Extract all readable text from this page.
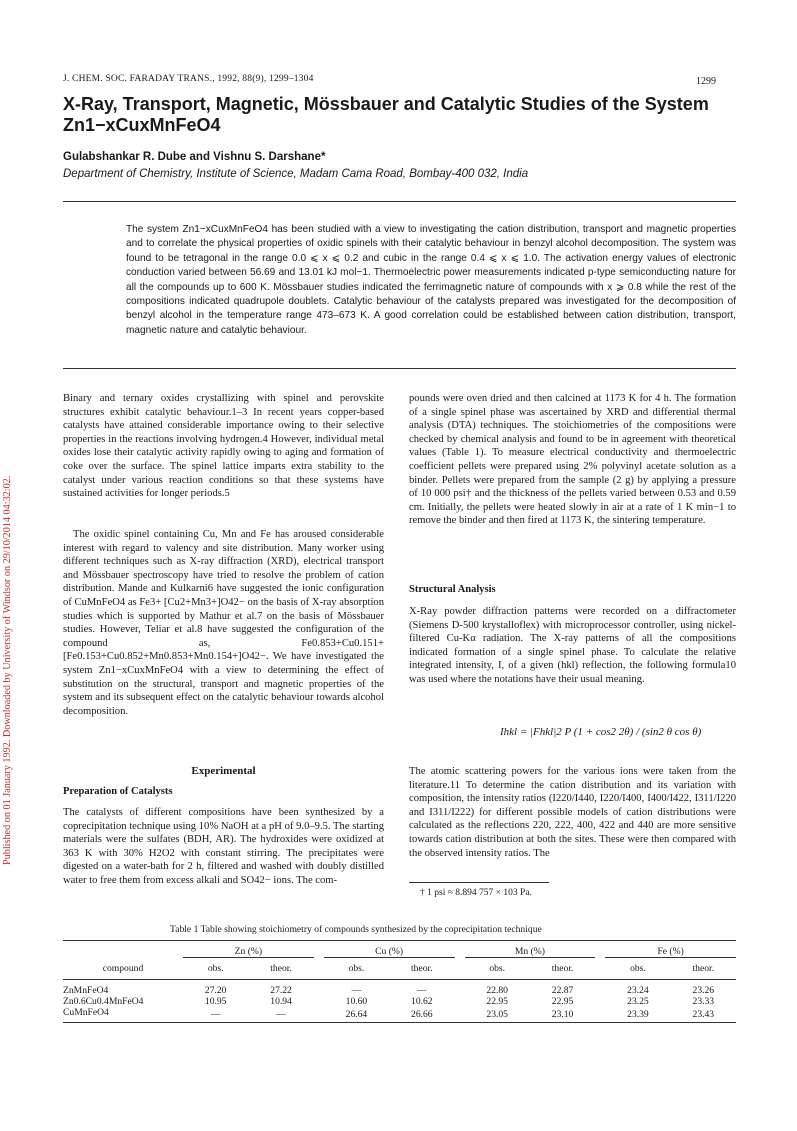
Published on 01 January 1992. Downloaded by University of Windsor on 29/10/2014 04:32:02.
J. CHEM. SOC. FARADAY TRANS., 1992, 88(9), 1299–1304	1299
X-Ray, Transport, Magnetic, Mössbauer and Catalytic Studies of the System Zn1−xCuxMnFeO4
Gulabshankar R. Dube and Vishnu S. Darshane*
Department of Chemistry, Institute of Science, Madam Cama Road, Bombay-400 032, India
The system Zn1−xCuxMnFeO4 has been studied with a view to investigating the cation distribution, transport and magnetic properties and to correlate the physical properties of oxidic spinels with their catalytic behaviour in benzyl alcohol decomposition. The system was found to be tetragonal in the range 0.0 ⩽ x ⩽ 0.2 and cubic in the range 0.4 ⩽ x ⩽ 1.0. The activation energy values of electronic conduction varied between 56.69 and 13.01 kJ mol−1. Thermoelectric power measurements indicated p-type semiconducting nature for all the compounds up to 600 K. Mössbauer studies indicated the ferrimagnetic nature of compounds with x ⩾ 0.8 while the rest of the compositions indicated quadrupole doublets. Catalytic behaviour of the catalysts prepared was investigated for the decomposition of benzyl alcohol in the temperature range 473–673 K. A good correlation could be established between cation distribution, transport, magnetic nature and catalytic behaviour.
Binary and ternary oxides crystallizing with spinel and perovskite structures exhibit catalytic behaviour.1–3 In recent years copper-based catalysts have attained considerable importance owing to their selective properties in the reactions involving hydrogen.4 However, individual metal oxides lose their catalytic activity rapidly owing to aging and formation of coke over the surface. The spinel lattice imparts extra stability to the catalyst under various reaction conditions so that these systems have sustained activities for longer periods.5
The oxidic spinel containing Cu, Mn and Fe has aroused considerable interest with regard to valency and site distribution. Many worker using different techniques such as X-ray diffraction (XRD), electrical transport and Mössbauer spectroscopy have tried to resolve the problem of cation distribution. Mande and Kulkarni6 have suggested the ionic configuration of CuMnFeO4 as Fe3+ [Cu2+Mn3+]O42− on the basis of X-ray absorption studies which is supported by Mathur et al.7 on the basis of Mössbauer studies. However, Teliar et al.8 have suggested the configuration of the compound as, Fe0.853+Cu0.151+[Fe0.153+Cu0.852+Mn0.853+Mn0.154+]O42−. We have investigated the system Zn1−xCuxMnFeO4 with a view to determining the effect of substitution on the structural, transport and magnetic properties of the system and its subsequent effect on the catalytic behaviour towards alcohol decomposition.
Experimental
Preparation of Catalysts
The catalysts of different compositions have been synthesized by a coprecipitation technique using 10% NaOH at a pH of 9.0–9.5. The starting materials were the sulfates (BDH, AR). The hydroxides were oxidized at 363 K with 30% H2O2 with constant stirring. The precipitates were digested on a water-bath for 2 h, filtered and washed with doubly distilled water to free them from excess alkali and SO42− ions. The com-
pounds were oven dried and then calcined at 1173 K for 4 h. The formation of a single spinel phase was ascertained by XRD and differential thermal analysis (DTA) techniques. The stoichiometries of the compositions were checked by chemical analysis and found to be in agreement with theoretical values (Table 1). To measure electrical conductivity and thermoelectric coefficient pellets were prepared using 2% polyvinyl acetate solution as a binder. Pellets were prepared from the sample (2 g) by applying a pressure of 10 000 psi† and the thickness of the pellets varied between 0.53 and 0.59 cm. Initially, the pellets were heated slowly in air at a rate of 1 K min−1 to remove the binder and then fired at 1173 K, the sintering temperature.
Structural Analysis
X-Ray powder diffraction patterns were recorded on a diffractometer (Siemens D-500 krystalloflex) with microprocessor controller, using nickel-filtered Cu-Kα radiation. The X-ray patterns of all the compositions indicated formation of a single spinel phase. To calculate the relative integrated intensity, I, of a given (hkl) reflection, the following formula10 was used where the notations have their usual meaning.
Ihkl = |Fhkl|2 P (1 + cos2 2θ) / (sin2 θ cos θ)
The atomic scattering powers for the various ions were taken from the literature.11 To determine the cation distribution and its variation with composition, the intensity ratios (I220/I440, I220/I400, I400/I422, I311/I220 and I311/I222) for different possible models of cation distributions were calculated as the reflections 220, 222, 400, 422 and 440 are more sensitive towards cation distribution at both the sites. These were then compared with the observed intensity ratios. The
† 1 psi ≈ 8.894 757 × 103 Pa.
Table 1 Table showing stoichiometry of compounds synthesized by the coprecipitation technique
	Zn (%)			Cu (%)			Mn (%)			Fe (%)	
compound	obs.	theor.		obs.	theor.		obs.	theor.		obs.	theor.
ZnMnFeO4	27.20	27.22		—	—		22.80	22.87		23.24	23.26
Zn0.6Cu0.4MnFeO4	10.95	10.94		10.60	10.62		22.95	22.95		23.25	23.33
CuMnFeO4	—	—		26.64	26.66		23.05	23.10		23.39	23.43
